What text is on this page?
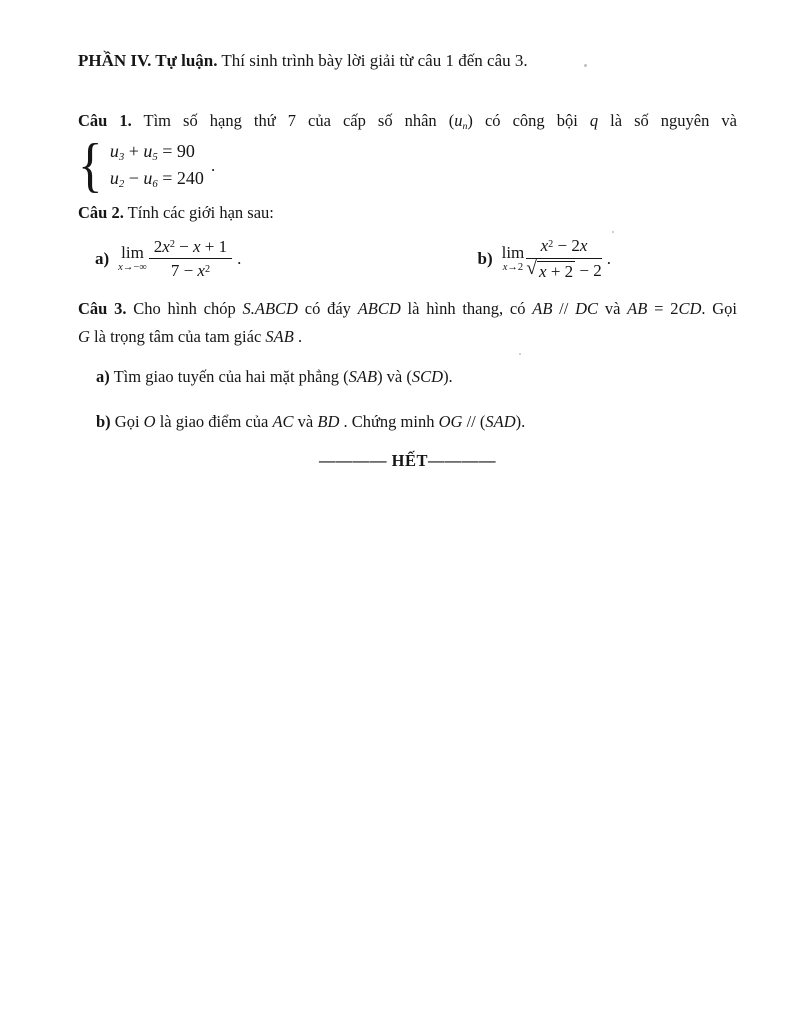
PHẦN IV. Tự luận. Thí sinh trình bày lời giải từ câu 1 đến câu 3.

Câu 1. Tìm số hạng thứ 7 của cấp số nhân (un) có công bội q là số nguyên và

{ u3 + u5 = 90
u2 − u6 = 240
.

Câu 2. Tính các giới hạn sau:

a) lim
$x\to-\infty \frac{2x^2 - x + 1}{7 - x^2}$ .	b) lim
$x\to 2 \frac{x^2 - 2x}{√ x + 2 - 2}$ .

Câu 3. Cho hình chóp S.ABCD có đáy ABCD là hình thang, có AB // DC và AB = 2CD. Gọi

G là trọng tâm của tam giác SAB .

a) Tìm giao tuyến của hai mặt phẳng (SAB) và (SCD).

b) Gọi O là giao điểm của AC và BD . Chứng minh OG // (SAD).

———— HẾT————
